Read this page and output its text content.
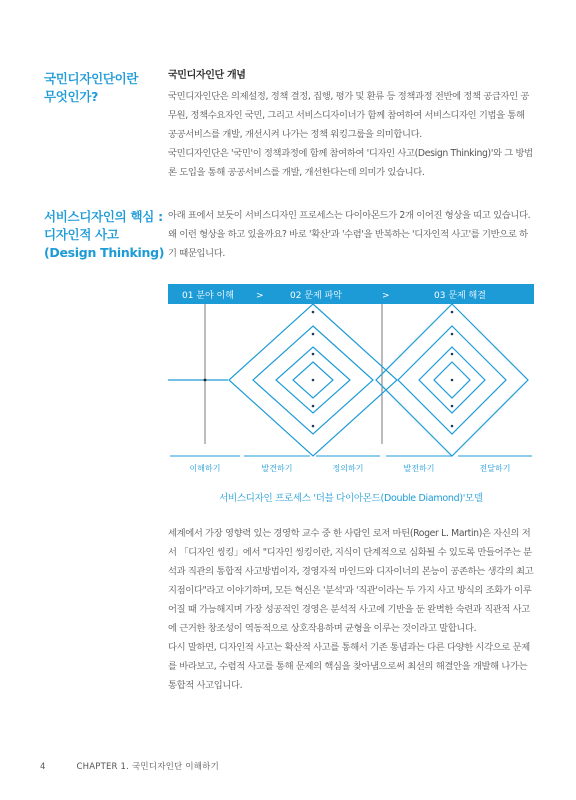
국민디자인단이란
무엇인가?

국민디자인단 개념

국민디자인단은 의제설정, 정책 결정, 집행, 평가 및 환류 등 정책과정 전반에 정책 공급자인 공무원, 정책수요자인 국민, 그리고 서비스디자이너가 함께 참여하여 서비스디자인 기법을 통해 공공서비스를 개발, 개선시켜 나가는 정책 워킹그룹을 의미합니다.

국민디자인단은 '국민'이 정책과정에 함께 참여하여 '디자인 사고(Design Thinking)'와 그 방법론 도입을 통해 공공서비스를 개발, 개선한다는데 의미가 있습니다.

서비스디자인의 핵심 :
디자인적 사고
(Design Thinking)
아래 표에서 보듯이 서비스디자인 프로세스는 다이아몬드가 2개 이어진 형상을 띠고 있습니다. 왜 이런 형상을 하고 있을까요? 바로 '확산'과 '수렴'을 반복하는 '디자인적 사고'를 기반으로 하기 때문입니다.
01 분야 이해 >	02 문제 파악	>	03 문제 해결
이해하기	발견하기	정의하기	발전하기	전달하기
서비스디자인 프로세스 '더블 다이아몬드(Double Diamond)'모델

세계에서 가장 영향력 있는 경영학 교수 중 한 사람인 로저 마틴(Roger L. Martin)은 자신의 저서 「디자인 씽킹」에서 "디자인 씽킹이란, 지식이 단계적으로 심화될 수 있도록 만들어주는 분석과 직관의 통합적 사고방법이자, 경영자적 마인드와 디자이너의 본능이 공존하는 생각의 최고 지점이다"라고 이야기하며, 모든 혁신은 '분석'과 '직관'이라는 두 가지 사고 방식의 조화가 이루어질 때 가능해지며 가장 성공적인 경영은 분석적 사고에 기반을 둔 완벽한 숙련과 직관적 사고에 근거한 창조성이 역동적으로 상호작용하며 균형을 이루는 것이라고 말합니다.

다시 말하면, 디자인적 사고는 확산적 사고를 통해서 기존 통념과는 다른 다양한 시각으로 문제를 바라보고, 수렴적 사고를 통해 문제의 핵심을 찾아냄으로써 최선의 해결안을 개발해 나가는 통합적 사고입니다.

4	CHAPTER 1. 국민디자인단 이해하기
